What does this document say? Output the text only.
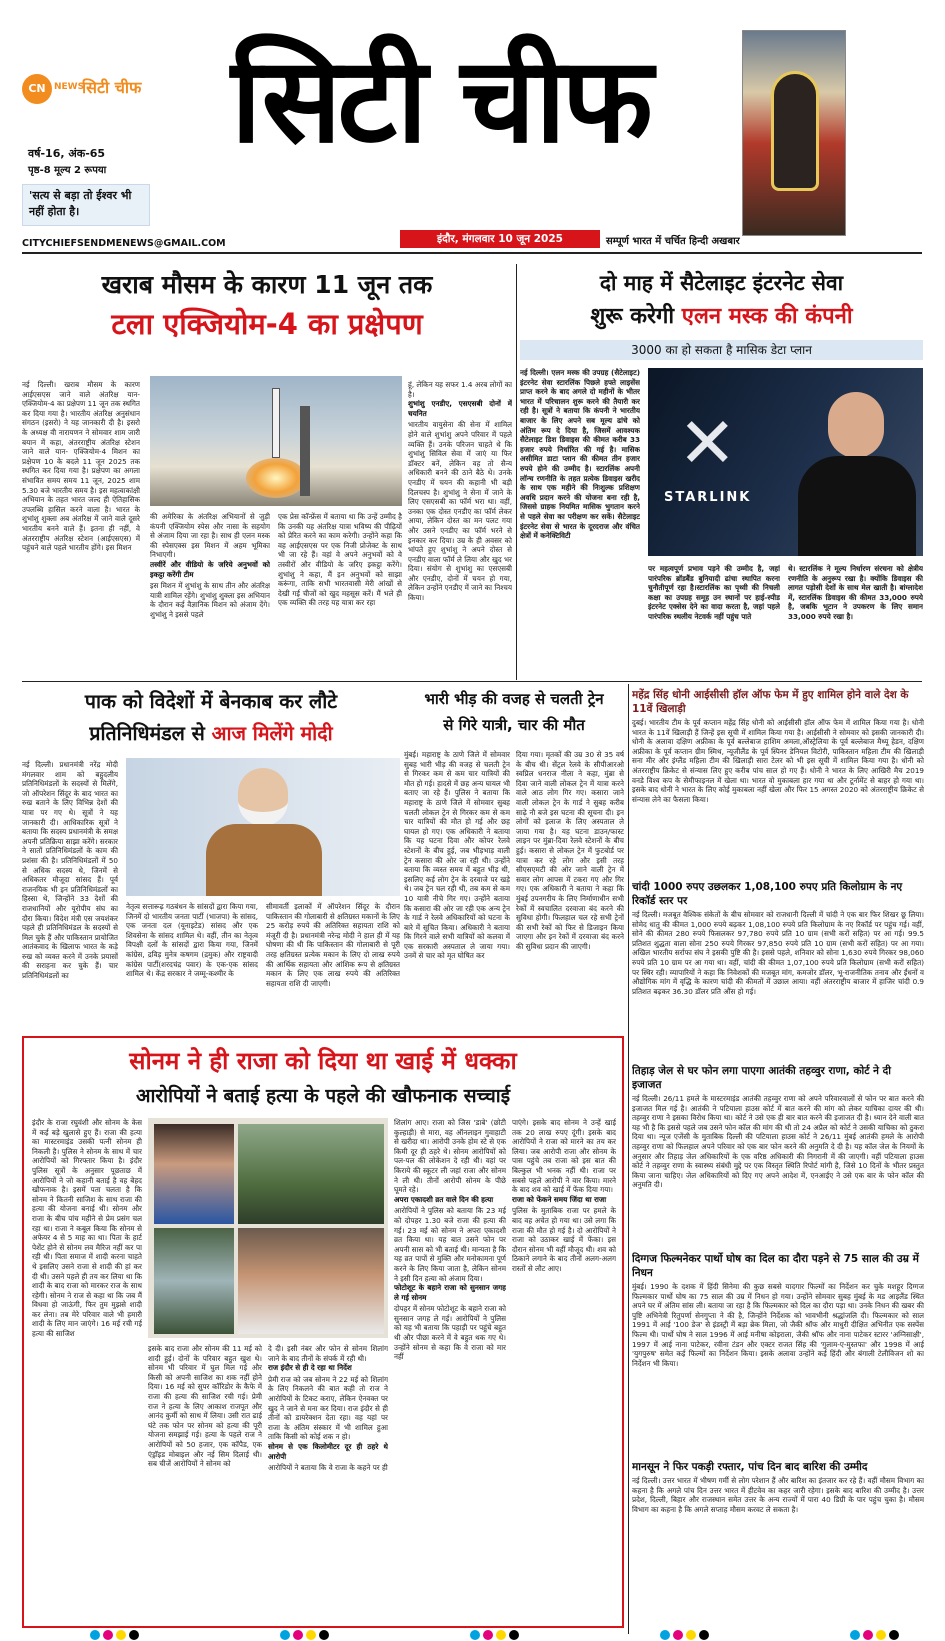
CN NEWS
सिटी चीफ
वर्ष-16, अंक-65
पृष्ठ-8 मूल्य 2 रूपया
'सत्य से बड़ा तो ईश्वर भी नहीं होता है।
सिटी चीफ
CITYCHIEFSENDMENEWS@GMAIL.COM	इंदौर, मंगलवार 10 जून 2025	सम्पूर्ण भारत में चर्चित हिन्दी अखबार
खराब मौसम के कारण 11 जून तक
टला एक्जियोम-4 का प्रक्षेपण
नई दिल्ली। खराब मौसम के कारण आईएसएस जाने वाले अंतरिक्ष यान- एक्जियोम-4 का प्रक्षेपण 11 जून तक स्थगित कर दिया गया है। भारतीय अंतरिक्ष अनुसंधान संगठन (इसरो) ने यह जानकारी दी है। इसरो के अध्यक्ष वी नारायणन ने सोमवार शाम जारी बयान में कहा, अंतरराष्ट्रीय अंतरिक्ष स्टेशन जाने वाले यान- एक्जियोम-4 मिशन का प्रक्षेपण 10 के बदले 11 जून 2025 तक स्थगित कर दिया गया है। प्रक्षेपण का अगला संभावित समय समय 11 जून, 2025 शाम 5.30 बजे भारतीय समय है। इस महत्वाकांक्षी अभियान के तहत भारत जल्द ही ऐतिहासिक उपलब्धि हासिल करने वाला है। भारत के शुभांशु शुक्ला अब अंतरिक्ष में जाने वाले दूसरे भारतीय बनने वाले हैं। इतना ही नहीं, वे अंतरराष्ट्रीय अंतरिक्ष स्टेशन (आईएसएस) में पहुंचने वाले पहले भारतीय होंगे। इस मिशन
की अमेरिका के अंतरिक्ष अभियानों से जुड़ी कंपनी एक्जियोम स्पेस और नासा के सहयोग से अंजाम दिया जा रहा है। साथ ही एलन मस्क की स्पेसएक्स इस मिशन में अहम भूमिका निभाएगी।

तस्वीरें और वीडियो के जरिये अनुभवों को इकट्ठा करेंगी टीम

इस मिशन में शुभांशु के साथ तीन और अंतरिक्ष यात्री शामिल रहेंगे। शुभांशु शुक्ला इस अभियान के दौरान कई वैज्ञानिक मिशन को अंजाम देंगे। शुभांशु ने इससे पहले
एक प्रेस कॉन्फ्रेंस में बताया था कि उन्हें उम्मीद है कि उनकी यह अंतरिक्ष यात्रा भविष्य की पीढ़ियों को प्रेरित करने का काम करेगी। उन्होंने कहा कि वह आईएसएस पर एक निजी प्रोजेक्ट के साथ भी जा रहे हैं। वहां वे अपने अनुभवों को वे तस्वीरों और वीडियो के जरिए इकट्ठा करेंगे। शुभांशु ने कहा, मैं इन अनुभवों को साझा करूंगा, ताकि सभी भारतवासी मेरी आंखों से देखी गई चीजों को खुद महसूस करें। मैं भले ही एक व्यक्ति की तरह यह यात्रा कर रहा
हूं, लेकिन यह सफर 1.4 अरब लोगों का है।

शुभांशु एनडीए, एसएसबी दोनों में चयनित

भारतीय वायुसेना की सेना में शामिल होने वाले शुभांशु अपने परिवार में पहले व्यक्ति हैं। उनके परिजन चाहते थे कि शुभांशु सिविल सेवा में जाएं या फिर डॉक्टर बनें, लेकिन वह तो सैन्य अधिकारी बनने की ठाने बैठे थे। उनके एनडीए में चयन की कहानी भी बड़ी दिलचस्प है। शुभांशु ने सेना में जाने के लिए एसएसबी का फॉर्म भरा था। वहीं, उनका एक दोस्त एनडीए का फॉर्म लेकर आया, लेकिन दोस्त का मन पलट गया और उसने एनडीए का फॉर्म भरने से इनकार कर दिया। उम्र के ही अवसर को भांपते हुए शुभांशु ने अपने दोस्त से एनडीए वाला फॉर्म ले लिया और खुद भर दिया। संयोग से शुभांशु का एसएसबी और एनडीए, दोनों में चयन हो गया, लेकिन उन्होंने एनडीए में जाने का निश्चय किया।
दो माह में सैटेलाइट इंटरनेट सेवा
शुरू करेगी एलन मस्क की कंपनी
3000 का हो सकता है मासिक डेटा प्लान
नई दिल्ली। एलन मस्क की उपग्रह (सैटेलाइट) इंटरनेट सेवा स्टारलिंक पिछले हफ्ते लाइसेंस प्राप्त करने के बाद अगले दो महीनों के भीतर भारत में परिचालन शुरू करने की तैयारी कर रही है। सूत्रों ने बताया कि कंपनी ने भारतीय बाजार के लिए अपने सब मूल्य ढांचे को अंतिम रूप दे दिया है, जिसमें आवश्यक सैटेलाइट डिश डिवाइस की कीमत करीब 33 हजार रुपये निर्धारित की गई है। मासिक असीमित डाटा प्लान की कीमत तीन हजार रुपये होने की उम्मीद है। स्टारलिंक अपनी लॉन्च रणनीति के तहत प्रत्येक डिवाइस खरीद के साथ एक महीने की निःशुल्क प्रशिक्षण अवधि प्रदान करने की योजना बना रही है, जिससे ग्राहक नियमित मासिक भुगतान करने से पहले सेवा का परीक्षण कर सकें। सैटेलाइट इंटरनेट सेवा से भारत के दूरदराज और वंचित क्षेत्रों में कनेक्टिविटी
✕
STARLINK
पर महत्वपूर्ण प्रभाव पड़ने की उम्मीद है, जहां पारंपरिक ब्रॉडबैंड बुनियादी ढांचा स्थापित करना चुनौतीपूर्ण रहा है।स्टारलिंक का पृथ्वी की निचली कक्षा का उपग्रह समूह उन स्थानों पर हाई-स्पीड इंटरनेट एक्सेस देने का वादा करता है, जहां पहले पारंपरिक स्थलीय नेटवर्क नहीं पहुंच पाते
थे। स्टारलिंक ने मूल्य निर्धारण संरचना को क्षेत्रीय रणनीति के अनुरूप रखा है। क्योंकि डिवाइस की लागत पड़ोसी देशों के साथ मेल खाती है। बांग्लादेश में, स्टारलिंक डिवाइस की कीमत 33,000 रुपये है, जबकि भूटान ने उपकरण के लिए समान 33,000 रुपये रखा है।
पाक को विदेशों में बेनकाब कर लौटे
प्रतिनिधिमंडल से आज मिलेंगे मोदी
नई दिल्ली। प्रधानमंत्री नरेंद्र मोदी मंगलवार शाम को बहुदलीय प्रतिनिधिमंडलों के सदस्यों से मिलेंगे, जो ऑपरेशन सिंदूर के बाद भारत का रुख बताने के लिए विभिन्न देशों की यात्रा पर गए थे। सूत्रों ने यह जानकारी दी। आधिकारिक सूत्रों ने बताया कि सदस्य प्रधानमंत्री के समक्ष अपनी प्रतिक्रिया साझा करेंगे। सरकार ने सातों प्रतिनिधिमंडलों के काम की प्रशंसा की है। प्रतिनिधिमंडलों में 50 से अधिक सदस्य थे, जिनमें से अधिकतर मौजूदा सांसद हैं। पूर्व राजनयिक भी इन प्रतिनिधिमंडलों का हिस्सा थे, जिन्होंने 33 देशों की राजधानियों और यूरोपीय संघ का दौरा किया। विदेश मंत्री एस जयशंकर पहले ही प्रतिनिधिमंडल के सदस्यों से मिल चुके हैं और पाकिस्तान प्रायोजित आतंकवाद के खिलाफ भारत के कड़े रुख को व्यक्त करने में उनके प्रयासों की सराहना कर चुके हैं। चार प्रतिनिधिमंडलों का
नेतृत्व सत्तारूढ़ गठबंधन के सांसदों द्वारा किया गया, जिनमें दो भारतीय जनता पार्टी (भाजपा) के सांसद, एक जनता दल (यूनाइटेड) सांसद और एक शिवसेना के सांसद शामिल थे। वहीं, तीन का नेतृत्व विपक्षी दलों के सांसदों द्वारा किया गया, जिनमें कांग्रेस, द्रविड़ मुनेत्र कषगम (द्रमुक) और राष्ट्रवादी कांग्रेस पार्टी(शरदचंद्र पवार) के एक-एक सांसद शामिल थे। केंद्र सरकार ने जम्मू-कश्मीर के
सीमावर्ती इलाकों में ऑपरेशन सिंदूर के दौरान पाकिस्तान की गोलाबारी से क्षतिग्रस्त मकानों के लिए 25 करोड़ रुपये की अतिरिक्त सहायता राशि को मंजूरी दी है। प्रधानमंत्री नरेन्द्र मोदी ने हाल ही में यह घोषणा की थी कि पाकिस्तान की गोलाबारी से पूरी तरह क्षतिग्रस्त प्रत्येक मकान के लिए दो लाख रुपये की आर्थिक सहायता और आंशिक रूप से क्षतिग्रस्त मकान के लिए एक लाख रुपये की अतिरिक्त सहायता राशि दी जाएगी।
भारी भीड़ की वजह से चलती ट्रेन
से गिरे यात्री, चार की मौत
मुंबई। महाराष्ट्र के ठाणे जिले में सोमवार सुबह भारी भीड़ की वजह से चलती ट्रेन से गिरकर कम से कम चार यात्रियों की मौत हो गई। हादसे में छह अन्य घायल भी बताए जा रहे हैं। पुलिस ने बताया कि महाराष्ट्र के ठाणे जिले में सोमवार सुबह चलती लोकल ट्रेन से गिरकर कम से कम चार यात्रियों की मौत हो गई और छह घायल हो गए। एक अधिकारी ने बताया कि यह घटना दिवा और कोपर रेलवे स्टेशनों के बीच हुई, जब भीड़भाड़ वाली ट्रेन कसारा की ओर जा रही थी। उन्होंने बताया कि व्यस्त समय में बहुत भीड़ थी, इसलिए कई लोग ट्रेन के दरवाजे पर खड़े थे। जब ट्रेन चल रही थी, तब कम से कम 10 यात्री नीचे गिर गए। उन्होंने बताया कि कसारा की ओर जा रही एक अन्य ट्रेन के गार्ड ने रेलवे अधिकारियों को घटना के बारे में सूचित किया। अधिकारी ने बताया कि गिरने वाले सभी यात्रियों को कलवा में एक सरकारी अस्पताल ले जाया गया। उनमें से चार को मृत घोषित कर
दिया गया। मृतकों की उम्र 30 से 35 वर्ष के बीच थी। सेंट्रल रेलवे के सीपीआरओ स्वप्निल धनराज नीला ने कहा, मुंब्रा से दिवा जाने वाली लोकल ट्रेन में यात्रा करने वाले आठ लोग गिर गए। कसारा जाने वाली लोकल ट्रेन के गार्ड ने सुबह करीब साढ़े नौ बजे इस घटना की सूचना दी। इन लोगों को इलाज के लिए अस्पताल ले जाया गया है। यह घटना डाउन/फास्ट लाइन पर मुंब्रा-दिवा रेलवे स्टेशनों के बीच हुई। कसारा से लोकल ट्रेन में फुटबोर्ड पर यात्रा कर रहे लोग और इसी तरह सीएसएमटी की ओर जाने वाली ट्रेन में सवार लोग आपस में टकरा गए और गिर गए। एक अधिकारी ने बताया ने कहा कि मुंबई उपनगरीय के लिए निर्माणाधीन सभी रेकों में स्वचालित दरवाजा बंद करने की सुविधा होगी। फिलहाल चल रहे सभी ट्रेनों की सभी रेकों को फिर से डिजाइन किया जाएगा और इन रेकों में दरवाजा बंद करने की सुविधा प्रदान की जाएगी।
महेंद्र सिंह धोनी आईसीसी हॉल ऑफ फेम में हुए शामिल होने वाले देश के 11वें खिलाड़ी
दुबई। भारतीय टीम के पूर्व कप्तान महेंद्र सिंह धोनी को आईसीसी हॉल ऑफ फेम में शामिल किया गया है। धोनी भारत के 11वें खिलाड़ी हैं जिन्हें इस सूची में शामिल किया गया है। आईसीसी ने सोमवार को इसकी जानकारी दी। धोनी के अलावा दक्षिण अफ्रीका के पूर्व बल्लेबाज हाशिम अमला,ऑस्ट्रेलिया के पूर्व बल्लेबाज मैथ्यू हेडन, दक्षिण अफ्रीका के पूर्व कप्तान ग्रीम स्मिथ, न्यूजीलैंड के पूर्व स्पिनर डेनियल विटोरी, पाकिस्तान महिला टीम की खिलाड़ी सना मीर और इंग्लैंड महिला टीम की खिलाड़ी सारा टेलर को भी इस सूची में शामिल किया गया है। धोनी को अंतरराष्ट्रीय क्रिकेट से संन्यास लिए हुए करीब पांच साल हो गए हैं। धोनी ने भारत के लिए आखिरी मैच 2019 वनडे विश्व कप के सेमीफाइनल में खेला था। भारत वो मुकाबला हार गया था और टूर्नामेंट से बाहर हो गया था। इसके बाद धोनी ने भारत के लिए कोई मुकाबला नहीं खेला और फिर 15 अगस्त 2020 को अंतरराष्ट्रीय क्रिकेट से संन्यास लेने का फैसला किया।
चांदी 1000 रुपए उछलकर 1,08,100 रुपए प्रति किलोग्राम के नए रिकॉर्ड स्तर पर
नई दिल्ली। मजबूत वैश्विक संकेतों के बीच सोमवार को राजधानी दिल्ली में चांदी ने एक बार फिर शिखर छू लिया। सोमेद धातु की कीमत 1,000 रुपये बढ़कर 1,08,100 रुपये प्रति किलोग्राम के नए रिकॉर्ड पर पहुंच गई। वहीं, सोने की कीमत 280 रुपये फिसलकर 97,780 रुपये प्रति 10 ग्राम (सभी करों सहित) पर आ गई। 99.5 प्रतिशत शुद्धता वाला सोना 250 रुपये गिरकर 97,850 रुपये प्रति 10 ग्राम (सभी करों सहित) पर आ गया। अखिल भारतीय सर्राफा संघ ने इसकी पुष्टि की है। इससे पहले, शनिवार को सोना 1,630 रुपये गिरकर 98,060 रुपये प्रति 10 ग्राम पर आ गया था। वहीं, चांदी की कीमत 1,07,100 रुपये प्रति किलोग्राम (सभी करों सहित) पर स्थिर रही। व्यापारियों ने कहा कि निवेशकों की मजबूत मांग, कमजोर डॉलर, भू-राजनीतिक तनाव और ईंधनों व औद्योगिक मांग में वृद्धि के कारण चांदी की कीमतों में उछाल आया। वहीं अंतरराष्ट्रीय बाजार में हाजिर चांदी 0.9 प्रतिशत बढ़कर 36.30 डॉलर प्रति औंस हो गई।
तिहाड़ जेल से घर फोन लगा पाएगा आतंकी तहव्वुर राणा, कोर्ट ने दी इजाजत
नई दिल्ली। 26/11 हमले के मास्टरमाइंड आतंकी तहव्वुर राणा को अपने परिवारवालों से फोन पर बात करने की इजाजत मिल गई है। आतंकी ने पटियाला हाउस कोर्ट में बात करने की मांग को लेकर याचिका दायर की थी। तहव्वुर राणा ने इसका विरोध किया था। कोर्ट ने उसे एक ही बार बात करने की इजाजत दी है। ध्यान देने वाली बात यह भी है कि इससे पहले जब उसने फोन कॉल की मांग की थी तो 24 अप्रैल को कोर्ट ने उसकी याचिका को ठुकरा दिया था। न्यूज एजेंसी के मुताबिक दिल्ली की पटियाला हाउस कोर्ट ने 26/11 मुंबई आतंकी हमले के आरोपी तहव्वुर राणा को फिलहाल अपने परिवार को एक बार फोन करने की अनुमति दे दी है। यह कॉल जेल के नियमों के अनुसार और तिहाड़ जेल अधिकारियों के एक वरिष्ठ अधिकारी की निगरानी में की जाएगी। वहीं पटियाला हाउस कोर्ट ने तहव्वुर राणा के स्वास्थ्य संबंधी मुद्दे पर एक विस्तृत स्थिति रिपोर्ट मांगी है, जिसे 10 दिनों के भीतर प्रस्तुत किया जाना चाहिए। जेल अधिकारियों को दिए गए अपने आदेश में, एनआईए ने उसे एक बार के फोन कॉल की अनुमति दी।
दिग्गज फिल्मनेकर पार्थो घोष का दिल का दौरा पड़ने से 75 साल की उम्र में निधन
मुंबई। 1990 के दशक में हिंदी सिनेमा की कुछ सबसे यादगार फिल्मों का निर्देशन कर चुके मशहूर दिग्गज फिल्मकार पार्थो घोष का 75 साल की उम्र में निधन हो गया। उन्होंने सोमवार सुबह मुंबई के मड आइलैंड स्थित अपने घर में अंतिम सांस ली। बताया जा रहा है कि फिल्मकार को दिल का दौरा पड़ा था। उनके निधन की खबर की पुष्टि अभिनेत्री रितुपर्णा सेनगुप्ता ने की है, जिन्होंने निर्देशक को भावभीनी श्रद्धांजलि दी। फिल्मकार को साल 1991 में आई '100 डेज' से इंडस्ट्री में बड़ा ब्रेक मिला, जो जैकी श्रॉफ और माधुरी दीक्षित अभिनीत एक सस्पेंस फिल्म थी। पार्थो घोष ने साल 1996 में आई मनीषा कोइराला, जैकी श्रॉफ और नाना पाटेकर स्टारर 'अग्निसाक्षी', 1997 में आई नाना पाटेकर, रवीना टंडन और एक्टर राजत सिंह की 'गुलाम-ए-मुस्तफा' और 1998 में आई 'युगपुरुष' समेत कई फिल्मों का निर्देशन किया। इसके अलावा उन्होंने कई हिंदी और बंगाली टेलीविजन शो का निर्देशन भी किया।
मानसून ने फिर पकड़ी रफ्तार, पांच दिन बाद बारिश की उम्मीद
नई दिल्ली। उत्तर भारत में भीषण गर्मी से लोग परेशान हैं और बारिश का इंतजार कर रहे हैं। वहीं मौसम विभाग का कहना है कि अगले पांच दिन उत्तर भारत में हीटवेव का कहर जारी रहेगा। इसके बाद बारिश की उम्मीद है। उत्तर प्रदेश, दिल्ली, बिहार और राजस्थान समेत उत्तर के अन्य राज्यों में पारा 40 डिग्री के पार पहुंच चुका है। मौसम विभाग का कहना है कि अगले सप्ताह मौसम करवट ले सकता है।
सोनम ने ही राजा को दिया था खाई में धक्का
आरोपियों ने बताई हत्या के पहले की खौफनाक सच्चाई
इंदौर के राजा रघुवंशी और सोनम के केस में कई बड़े खुलासे हुए हैं। राजा की हत्या का मास्टरमाइंड उसकी पत्नी सोनम ही निकली है। पुलिस ने सोनम के साथ में चार आरोपियों को गिरफ्तार किया है। इंदौर पुलिस सूत्रों के अनुसार पूछताछ में आरोपियों ने जो कहानी बताई है वह बेहद खौफनाक है। इसमें पता चलता है कि सोनम ने कितनी साजिश के साथ राजा की हत्या की योजना बनाई थी। सोनम और राजा के बीच पांच महीने से प्रेम प्रसंग चल रहा था। राजा ने कबूल किया कि सोनम से अफेयर 4 से 5 माह का था। पिता के हार्ट पेशेंट होने से सोनम लव मैरिज नहीं कर पा रही थी। पिता समाज में शादी करना चाहते थे इसलिए उसने राजा से शादी की हां कर दी थी। उसने पहले ही तय कर लिया था कि शादी के बाद राजा को मारकर राज के साथ रहेगी। सोनम ने राज से कहा था कि जब मैं विधवा हो जाऊंगी, फिर तुम मुझसे शादी कर लेना। तब मेरे परिवार वाले भी हमारी शादी के लिए मान जाएंगे। 16 मई रची गई हत्या की साजिश
इसके बाद राजा और सोनम की 11 मई को शादी हुई। दोनों के परिवार बहुत खुश थे। सोनम भी परिवार में घुल मिल गई और किसी को अपनी साजिश का शक नहीं होने दिया। 16 मई को सुपर कॉरिडोर के कैफे में राजा की हत्या की साजिश रची गई। प्रेमी राज ने हत्या के लिए आकाश राजपूत और आनंद कुर्मी को साथ में लिया। उसी रात ढाई घंटे तक फोन पर सोनम को हत्या की पूरी योजना समझाई गई। हत्या के पहले राज ने आरोपियों को 50 हजार, एक कॉपैड, एक एंड्रॉइड मोबाइल और नई सिम दिलाई थी। सब चीजें आरोपियों ने सोनम को
दे दी। इसी नंबर और फोन से सोनम शिलांग जाने के बाद तीनों के संपर्क में रही थी।

राज इंदौर से ही दे रहा था निर्देश

प्रेमी राज को जब सोनम ने 22 मई को शिलांग के लिए निकलने की बात कही तो राज ने आरोपियों के टिकट कराए, लेकिन ऐनवक्त पर खुद ने जाने से मना कर दिया। राज इंदौर से ही तीनों को डायरेक्शन देता रहा। वह यहां पर राजा के अंतिम संस्कार में भी शामिल हुआ ताकि किसी को कोई शक न हो।

सोनम से एक किलोमीटर दूर ही ठहरे थे आरोपी

आरोपियों ने बताया कि वे राजा के कहने पर ही
शिलांग आए। राजा को जिस 'डाबे' (छोटी कुल्हाड़ी) से मारा, वह ऑनलाइन गुवाहाटी से खरीदा था। आरोपी उनके होम स्टे से एक किमी दूर ही ठहरे थे। सोनम आरोपियों को पल-पल की लोकेशन दे रही थी। वहां पर किराये की स्कूटर ली जहां राजा और सोनम ने ली थी। तीनों आरोपी सोनम के पीछे घूमते रहे।

अपरा एकादशी व्रत वाले दिन की हत्या

आरोपियों ने पुलिस को बताया कि 23 मई को दोपहर 1.30 बजे राजा की हत्या की गई। 23 मई को सोनम ने अपरा एकादशी व्रत किया था। यह बात उसने फोन पर अपनी सास को भी बताई थी। मान्यता है कि यह व्रत पापों से मुक्ति और मनोकामना पूर्ण करने के लिए किया जाता है, लेकिन सोनम ने इसी दिन हत्या को अंजाम दिया।

फोटोशूट के बहाने राजा को सुनसान जगह ले गई सोनम

दोपहर में सोनम फोटोशूट के बहाने राजा को सुनसान जगह ले गई। आरोपियों ने पुलिस को यह भी बताया कि पहाड़ी पर पहुंचे बहुत थी और पीछा करने में वे बहुत थक गए थे। उन्होंने सोनम से कहा कि वे राजा को मार नहीं
पाएंगे। इसके बाद सोनम ने उन्हें खाई तक 20 लाख रुपए दूंगी। इसके बाद आरोपियों ने राजा को मारने का तय कर लिया। जब आरोपी राजा और सोनम के पास पहुंचे तब राजा को इस बात की बिल्कुल भी भनक नहीं थी। राजा पर सबसे पहले आरोपी ने वार किया। मारने के बाद शव को खाई में फेंक दिया गया।

राजा को फेंकने समय जिंदा था राजा

पुलिस के मुताबिक राजा पर हमले के बाद वह अचेत हो गया था। उसे लगा कि राजा की मौत हो गई है। दो आरोपियों ने राजा को उठाकर खाई में फेंका। इस दौरान सोनम भी वहीं मौजूद थी। शव को ठिकाने लगाने के बाद तीनों अलग-अलग रास्तों से लौट आए।
